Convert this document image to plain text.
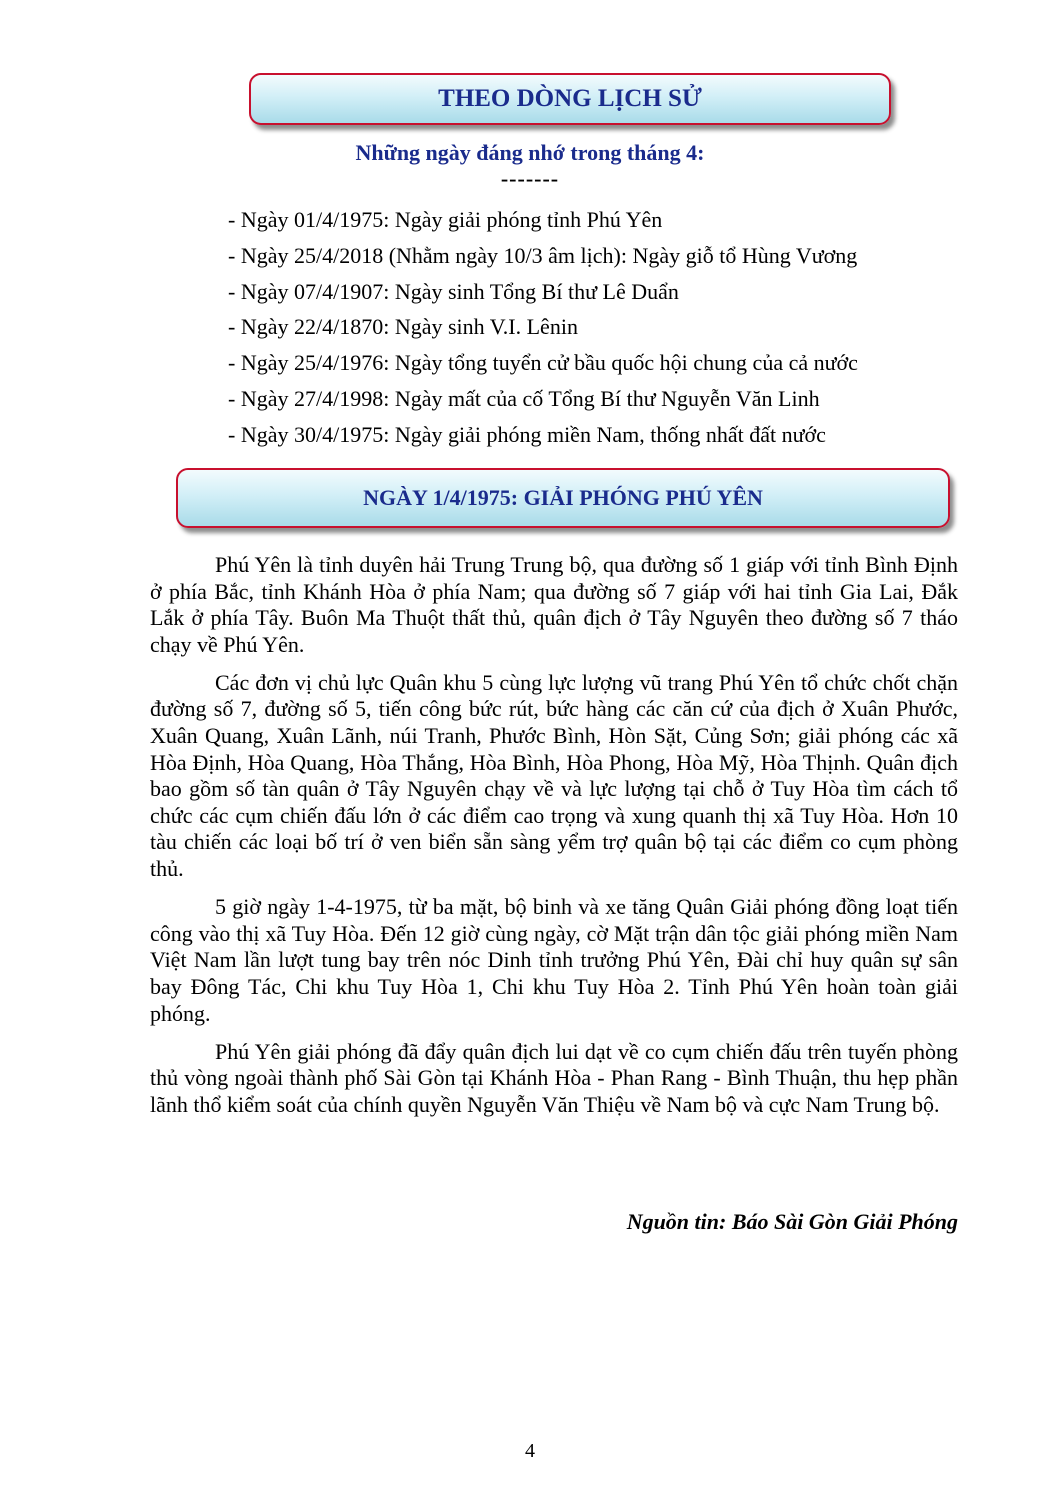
THEO DÒNG LỊCH SỬ
Những ngày đáng nhớ trong tháng 4:
-------
- Ngày 01/4/1975: Ngày giải phóng tỉnh Phú Yên
- Ngày 25/4/2018 (Nhằm ngày 10/3 âm lịch): Ngày giỗ tổ Hùng Vương
- Ngày 07/4/1907: Ngày sinh Tổng Bí thư Lê Duẩn
- Ngày 22/4/1870: Ngày sinh V.I. Lênin
- Ngày 25/4/1976: Ngày tổng tuyển cử bầu quốc hội chung của cả nước
- Ngày 27/4/1998: Ngày mất của cố Tổng Bí thư Nguyễn Văn Linh
- Ngày 30/4/1975: Ngày giải phóng miền Nam, thống nhất đất nước
NGÀY 1/4/1975: GIẢI PHÓNG PHÚ YÊN

Phú Yên là tỉnh duyên hải Trung Trung bộ, qua đường số 1 giáp với tỉnh Bình Định ở phía Bắc, tỉnh Khánh Hòa ở phía Nam; qua đường số 7 giáp với hai tỉnh Gia Lai, Đắk Lắk ở phía Tây. Buôn Ma Thuột thất thủ, quân địch ở Tây Nguyên theo đường số 7 tháo chạy về Phú Yên.

Các đơn vị chủ lực Quân khu 5 cùng lực lượng vũ trang Phú Yên tổ chức chốt chặn đường số 7, đường số 5, tiến công bức rút, bức hàng các căn cứ của địch ở Xuân Phước, Xuân Quang, Xuân Lãnh, núi Tranh, Phước Bình, Hòn Sặt, Củng Sơn; giải phóng các xã Hòa Định, Hòa Quang, Hòa Thắng, Hòa Bình, Hòa Phong, Hòa Mỹ, Hòa Thịnh. Quân địch bao gồm số tàn quân ở Tây Nguyên chạy về và lực lượng tại chỗ ở Tuy Hòa tìm cách tổ chức các cụm chiến đấu lớn ở các điểm cao trọng và xung quanh thị xã Tuy Hòa. Hơn 10 tàu chiến các loại bố trí ở ven biển sẵn sàng yểm trợ quân bộ tại các điểm co cụm phòng thủ.

5 giờ ngày 1-4-1975, từ ba mặt, bộ binh và xe tăng Quân Giải phóng đồng loạt tiến công vào thị xã Tuy Hòa. Đến 12 giờ cùng ngày, cờ Mặt trận dân tộc giải phóng miền Nam Việt Nam lần lượt tung bay trên nóc Dinh tỉnh trưởng Phú Yên, Đài chỉ huy quân sự sân bay Đông Tác, Chi khu Tuy Hòa 1, Chi khu Tuy Hòa 2. Tỉnh Phú Yên hoàn toàn giải phóng.

Phú Yên giải phóng đã đẩy quân địch lui dạt về co cụm chiến đấu trên tuyến phòng thủ vòng ngoài thành phố Sài Gòn tại Khánh Hòa - Phan Rang - Bình Thuận, thu hẹp phần lãnh thổ kiểm soát của chính quyền Nguyễn Văn Thiệu về Nam bộ và cực Nam Trung bộ.

Nguồn tin: Báo Sài Gòn Giải Phóng
4
